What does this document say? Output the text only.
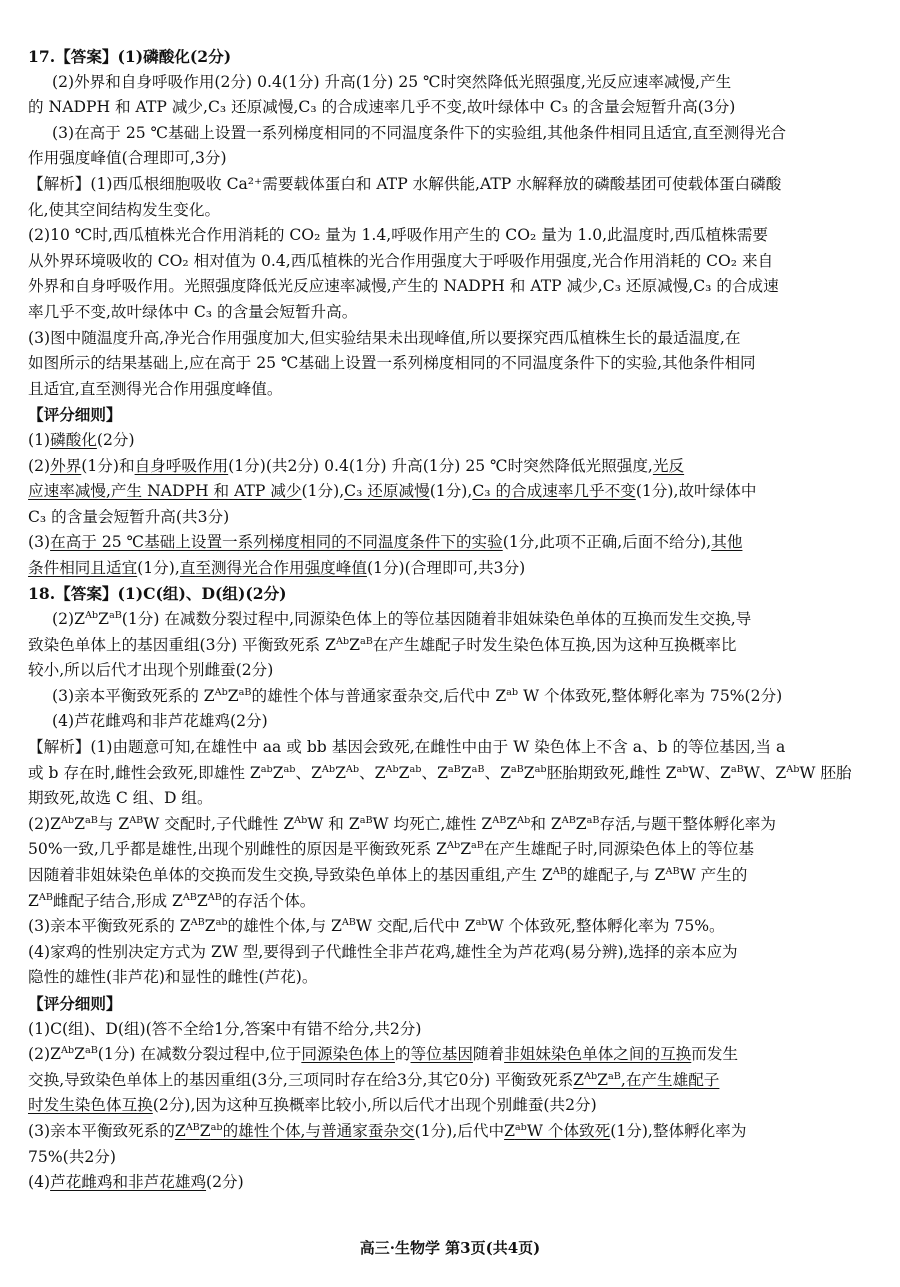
17.【答案】(1)磷酸化(2分)
(2)外界和自身呼吸作用(2分) 0.4(1分) 升高(1分) 25 ℃时突然降低光照强度,光反应速率减慢,产生
的 NADPH 和 ATP 减少,C₃ 还原减慢,C₃ 的合成速率几乎不变,故叶绿体中 C₃ 的含量会短暂升高(3分)
(3)在高于 25 ℃基础上设置一系列梯度相同的不同温度条件下的实验组,其他条件相同且适宜,直至测得光合
作用强度峰值(合理即可,3分)
【解析】(1)西瓜根细胞吸收 Ca²⁺需要载体蛋白和 ATP 水解供能,ATP 水解释放的磷酸基团可使载体蛋白磷酸
化,使其空间结构发生变化。
(2)10 ℃时,西瓜植株光合作用消耗的 CO₂ 量为 1.4,呼吸作用产生的 CO₂ 量为 1.0,此温度时,西瓜植株需要
从外界环境吸收的 CO₂ 相对值为 0.4,西瓜植株的光合作用强度大于呼吸作用强度,光合作用消耗的 CO₂ 来自
外界和自身呼吸作用。光照强度降低光反应速率减慢,产生的 NADPH 和 ATP 减少,C₃ 还原减慢,C₃ 的合成速
率几乎不变,故叶绿体中 C₃ 的含量会短暂升高。
(3)图中随温度升高,净光合作用强度加大,但实验结果未出现峰值,所以要探究西瓜植株生长的最适温度,在
如图所示的结果基础上,应在高于 25 ℃基础上设置一系列梯度相同的不同温度条件下的实验,其他条件相同
且适宜,直至测得光合作用强度峰值。
【评分细则】
(1)磷酸化(2分)
(2)外界(1分)和自身呼吸作用(1分)(共2分) 0.4(1分) 升高(1分) 25 ℃时突然降低光照强度,光反
应速率减慢,产生 NADPH 和 ATP 减少(1分),C₃ 还原减慢(1分),C₃ 的合成速率几乎不变(1分),故叶绿体中
C₃ 的含量会短暂升高(共3分)
(3)在高于 25 ℃基础上设置一系列梯度相同的不同温度条件下的实验(1分,此项不正确,后面不给分),其他
条件相同且适宜(1分),直至测得光合作用强度峰值(1分)(合理即可,共3分)
18.【答案】(1)C(组)、D(组)(2分)
$(2)Z^{Ab}Z^{aB}(1$分) 在减数分裂过程中,同源染色体上的等位基因随着非姐妹染色单体的互换而发生交换,导
致染色单体上的基因重组(3分) 平衡致死系 $Z^{Ab}Z^{aB}$在产生雄配子时发生染色体互换,因为这种互换概率比
较小,所以后代才出现个别雌蚕(2分)
(3)亲本平衡致死系的 $Z^{Ab}Z^{aB}$的雄性个体与普通家蚕杂交,后代中 $Z^{ab}$ W 个体致死,整体孵化率为 75%(2分)
(4)芦花雌鸡和非芦花雄鸡(2分)
【解析】(1)由题意可知,在雄性中 aa 或 bb 基因会致死,在雌性中由于 W 染色体上不含 a、b 的等位基因,当 a
或 b 存在时,雌性会致死,即雄性 $Z^{ab}Z^{ab}$、$Z^{Ab}Z^{Ab}$、$Z^{Ab}Z^{ab}$、$Z^{aB}Z^{aB}$、$Z^{aB}Z^{ab}$胚胎期致死,雌性 $Z^{ab}W$、$Z^{aB}W$、$Z^{Ab}W$ 胚胎
期致死,故选 C 组、D 组。
$(2)Z^{Ab}Z^{aB}$与 $Z^{AB}W$ 交配时,子代雌性 $Z^{Ab}W$ 和 $Z^{aB}W$ 均死亡,雄性 $Z^{AB}Z^{Ab}$和 $Z^{AB}Z^{aB}$存活,与题干整体孵化率为
50%一致,几乎都是雄性,出现个别雌性的原因是平衡致死系 $Z^{Ab}Z^{aB}$在产生雄配子时,同源染色体上的等位基
因随着非姐妹染色单体的交换而发生交换,导致染色单体上的基因重组,产生 $Z^{AB}$的雄配子,与 $Z^{AB}W$ 产生的
$Z^{AB}$雌配子结合,形成 $Z^{AB}Z^{AB}$的存活个体。
(3)亲本平衡致死系的 $Z^{AB}Z^{ab}$的雄性个体,与 $Z^{AB}W$ 交配,后代中 $Z^{ab}W$ 个体致死,整体孵化率为 75%。
(4)家鸡的性别决定方式为 ZW 型,要得到子代雌性全非芦花鸡,雄性全为芦花鸡(易分辨),选择的亲本应为
隐性的雄性(非芦花)和显性的雌性(芦花)。
【评分细则】
(1)C(组)、D(组)(答不全给1分,答案中有错不给分,共2分)
$(2)Z^{Ab}Z^{aB}(1$分) 在减数分裂过程中,位于同源染色体上的等位基因随着非姐妹染色单体之间的互换而发生
交换,导致染色单体上的基因重组(3分,三项同时存在给3分,其它0分) 平衡致死系$Z^{Ab}Z^{aB}$,在产生雄配子
时发生染色体互换(2分),因为这种互换概率比较小,所以后代才出现个别雌蚕(共2分)
(3)亲本平衡致死系的$Z^{AB}Z^{ab}$的雄性个体,与普通家蚕杂交(1分),后代中$Z^{ab}W$ 个体致死(1分),整体孵化率为
75%(共2分)
(4)芦花雌鸡和非芦花雄鸡(2分)
高三·生物学 第3页(共4页)
